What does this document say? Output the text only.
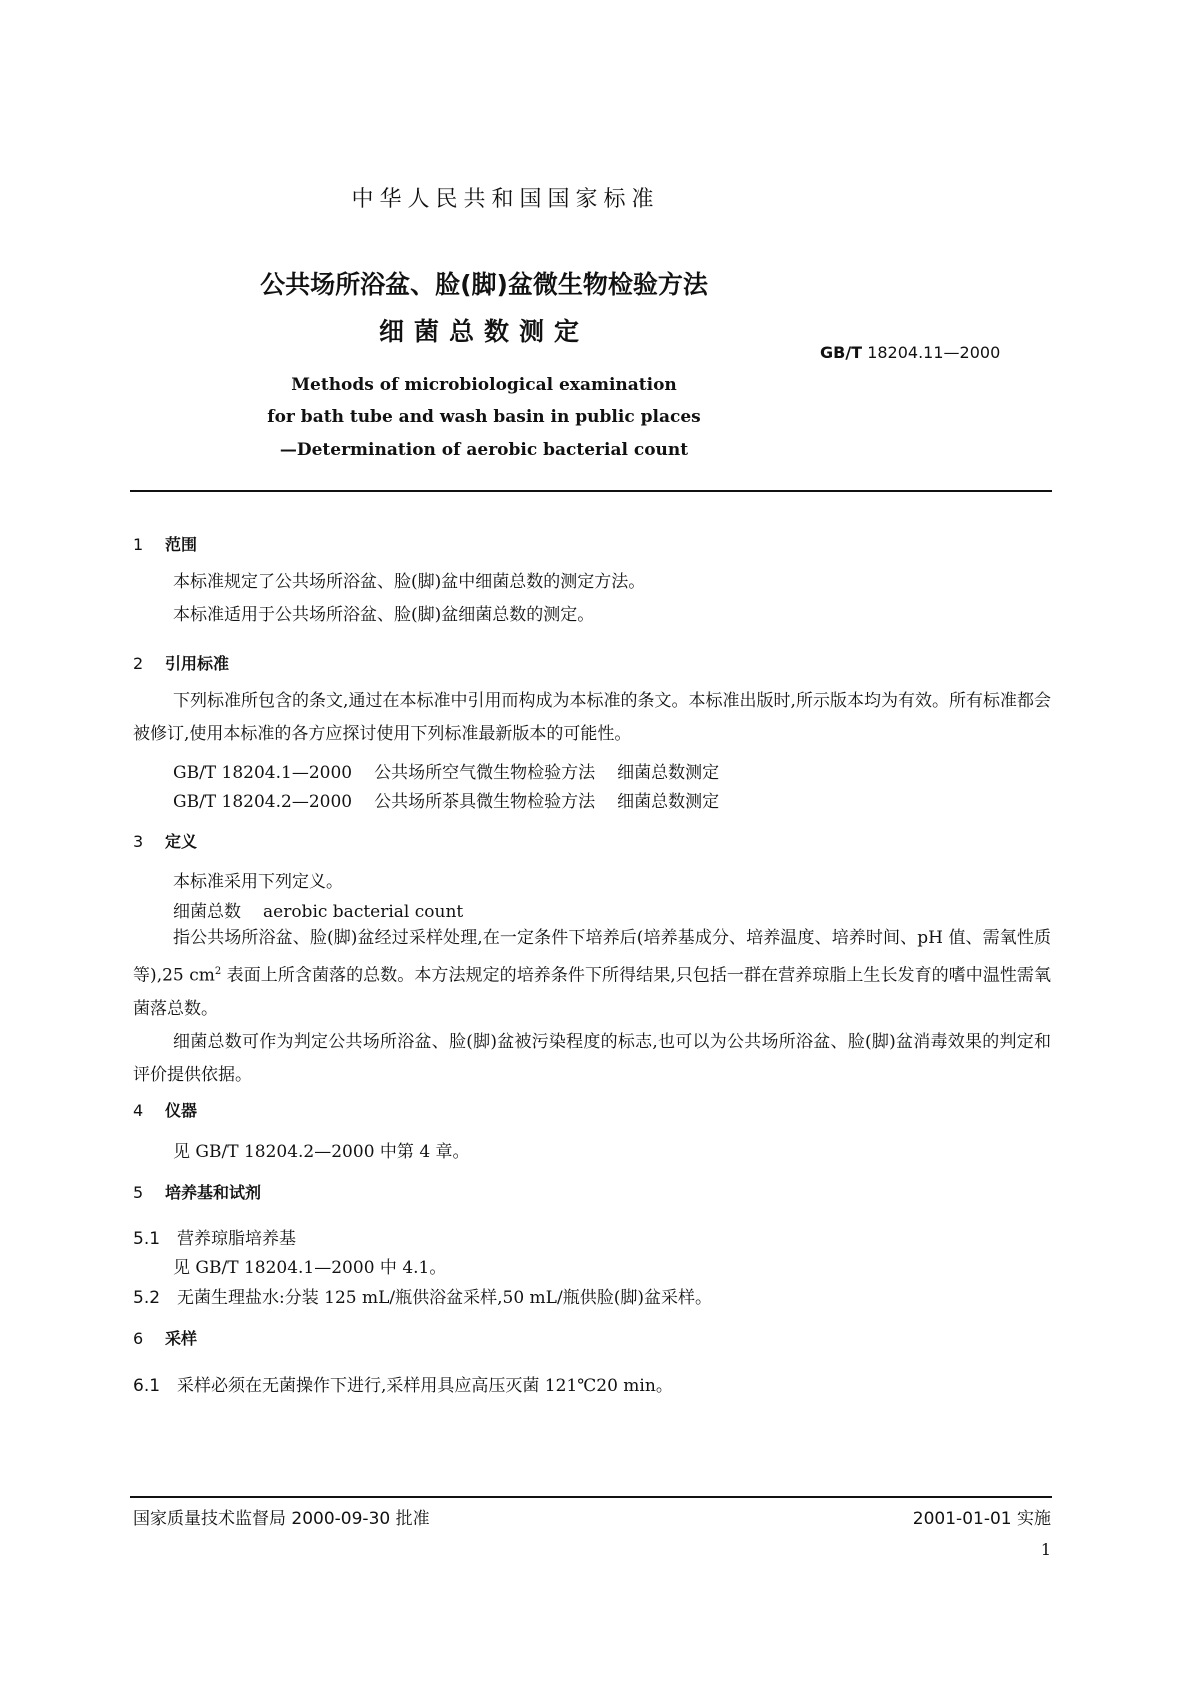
中华人民共和国国家标准
公共场所浴盆、脸(脚)盆微生物检验方法
细菌总数测定
GB/T 18204.11—2000
Methods of microbiological examination
for bath tube and wash basin in public places
—Determination of aerobic bacterial count
1 范围

本标准规定了公共场所浴盆、脸(脚)盆中细菌总数的测定方法。

本标准适用于公共场所浴盆、脸(脚)盆细菌总数的测定。

2 引用标准

下列标准所包含的条文,通过在本标准中引用而构成为本标准的条文。本标准出版时,所示版本均为有效。所有标准都会被修订,使用本标准的各方应探讨使用下列标准最新版本的可能性。

GB/T 18204.1—2000 公共场所空气微生物检验方法 细菌总数测定
GB/T 18204.2—2000 公共场所茶具微生物检验方法 细菌总数测定
3 定义
本标准采用下列定义。
细菌总数 aerobic bacterial count

指公共场所浴盆、脸(脚)盆经过采样处理,在一定条件下培养后(培养基成分、培养温度、培养时间、pH 值、需氧性质等),25 $cm^2$ 表面上所含菌落的总数。本方法规定的培养条件下所得结果,只包括一群在营养琼脂上生长发育的嗜中温性需氧菌落总数。

细菌总数可作为判定公共场所浴盆、脸(脚)盆被污染程度的标志,也可以为公共场所浴盆、脸(脚)盆消毒效果的判定和评价提供依据。

4 仪器
见 GB/T 18204.2—2000 中第 4 章。
5 培养基和试剂
5.1 营养琼脂培养基
见 GB/T 18204.1—2000 中 4.1。
5.2 无菌生理盐水:分装 125 mL/瓶供浴盆采样,50 mL/瓶供脸(脚)盆采样。
6 采样
6.1 采样必须在无菌操作下进行,采样用具应高压灭菌 121℃20 min。
国家质量技术监督局 2000-09-30 批准	2001-01-01 实施
1
